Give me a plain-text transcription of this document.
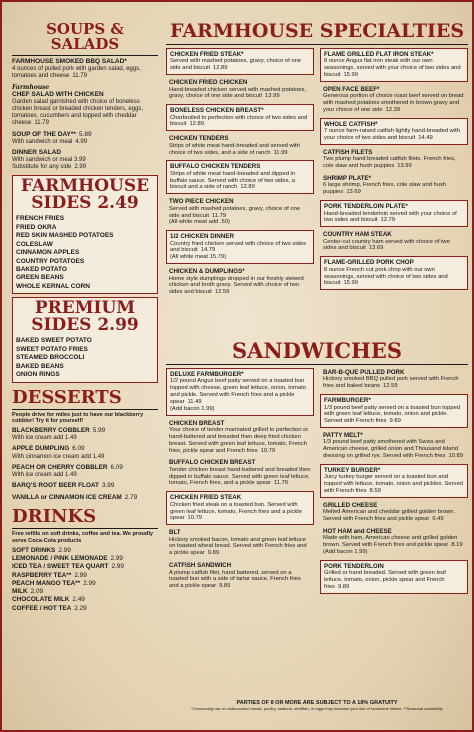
SOUPS & SALADS
FARMHOUSE SMOKED BBQ SALAD*
4 ounces of pulled pork with garden salad, eggs, tomatoes and cheese 11.79
Farmhouse
CHEF SALAD WITH CHICKEN
Garden salad garnished with choice of boneless chicken breast or breaded chicken tenders, eggs, tomatoes, cucumbers and topped with cheddar cheese 11.79
SOUP OF THE DAY** 5.89
With sandwich or meal 4.99
DINNER SALAD
With sandwich or meal 3.99
Substitute for any side 2.99
FARMHOUSE SIDES 2.49
FRENCH FRIES
FRIED OKRA
RED SKIN MASHED POTATOES
COLESLAW
CINNAMON APPLES
COUNTRY POTATOES
BAKED POTATO
GREEN BEANS
WHOLE KERNAL CORN
PREMIUM SIDES 2.99
BAKED SWEET POTATO
SWEET POTATO FRIES
STEAMED BROCCOLI
BAKED BEANS
ONION RINGS
DESSERTS
People drive for miles just to have our blackberry cobbler! Try it for yourself!
BLACKBERRY COBBLER 5.99
With ice cream add 1.49
APPLE DUMPLING 6.09
With cinnamon ice cream add 1.49
PEACH OR CHERRY COBBLER 6.09
With ice cream add 1.49
BARQ'S ROOT BEER FLOAT 3.99
VANILLA or CINNAMON ICE CREAM 2.79
DRINKS
Free refills on soft drinks, coffee and tea. We proudly serve Coca-Cola products
SOFT DRINKS 2.99
LEMONADE / PINK LEMONADE 2.99
ICED TEA / SWEET TEA QUART 2.99
RASPBERRY TEA** 2.99
PEACH MANGO TEA** 2.99
MILK 2.09
CHOCOLATE MILK 2.49
COFFEE / HOT TEA 2.29
FARMHOUSE SPECIALTIES
CHICKEN FRIED STEAK*
Served with mashed potatoes, gravy, choice of one side and biscuit 12.89
CHICKEN FRIED CHICKEN
Hand-breaded chicken served with mashed potatoes, gravy, choice of one side and biscuit 13.99
BONELESS CHICKEN BREAST*
Charbroiled to perfection with choice of two sides and biscuit 12.89
CHICKEN TENDERS
Strips of white meat hand-breaded and served with choice of two sides, and a side of ranch 11.99
BUFFALO CHICKEN TENDERS
Strips of white meat hand-breaded and dipped in buffalo sauce. Served with choice of two sides, a biscuit and a side of ranch 12.89
TWO PIECE CHICKEN
Served with mashed potatoes, gravy, choice of one side and biscuit 11.79
(All white meat add .50)
1/2 CHICKEN DINNER
Country fried chicken served with choice of two sides and biscuit 14.79
(All white meat 15.79)
CHICKEN & DUMPLINGS*
Home style dumplings dropped in our freshly stewed chicken and broth gravy. Served with choice of two sides and biscuit 12.59
FLAME GRILLED FLAT IRON STEAK*
8 ounce Angus flat iron steak with our own seasonings, served with your choice of two sides and biscuit 15.99
OPEN FACE BEEF*
Generous portion of choice roast beef served on bread with mashed potatoes smothered in brown gravy and your choice of one side 12.39
WHOLE CATFISH*
7 ounce farm-raised catfish lightly hand-breaded with your choice of two sides and biscuit 14.49
CATFISH FILETS
Two plump hand breaded catfish filets, French fries, cole slaw and hush puppies 13.99
SHRIMP PLATE*
6 large shrimp, French fries, cole slaw and hush puppies 13.69
PORK TENDERLOIN PLATE*
Hand-breaded tenderloin served with your choice of two sides and biscuit 12.79
COUNTRY HAM STEAK
Center-cut country ham served with choice of two sides and biscuit 13.69
FLAME-GRILLED PORK CHOP
8 ounce French cut pork chop with our own seasonings, served with choice of two sides and biscuit 15.99
SANDWICHES
DELUXE FARMBURGER*
1/2 pound Angus beef patty served on a toasted bun topped with cheese, green leaf lettuce, onion, tomato and pickle. Served with French fries and a pickle spear 11.49
(Add bacon 1.99)
CHICKEN BREAST
Your choice of tender marinated grilled to perfection or hand-battered and breaded then deep fried chicken breast. Served with green leaf lettuce, tomato, French fries, pickle spear and French fries 10.79
BUFFALO CHICKEN BREAST
Tender chicken breast hand-battered and breaded then dipped in buffalo sauce. Served with green leaf lettuce, tomato, French fries, and a pickle spear 11.79
CHICKEN FRIED STEAK
Chicken fried steak on a toasted bun. Served with green leaf lettuce, tomato, French fries and a pickle spear 10.79
BLT
Hickory smoked bacon, tomato and green leaf lettuce on toasted wheat bread. Served with French fries and a pickle spear 9.89
CATFISH SANDWICH
A plump catfish filet, hand battered, served on a toasted bun with a side of tartar sauce, French fries and a pickle spear 9.89
BAR-B-QUE PULLED PORK
Hickory smoked BBQ pulled pork served with French fries and baked beans 12.59
FARMBURGER*
1/3 pound beef patty served on a toasted bun topped with green leaf lettuce, tomato, onion and pickle. Served with French fries 9.89
PATTY MELT*
1/3 pound beef patty smothered with Swiss and American cheese, grilled onion and Thousand Island dressing on grilled rye. Served with French fries 10.89
TURKEY BURGER*
Juicy turkey burger served on a toasted bun and topped with lettuce, tomato, onion and pickles. Served with French fries 8.59
GRILLED CHEESE
Melted American and cheddar grilled golden brown. Served with French fries and pickle spear 6.49
HOT HAM and CHEESE
Made with ham, American cheese and grilled golden brown. Served with French fries and pickle spear 8.19
(Add bacon 1.99)
PORK TENDERLOIN
Grilled or hand breaded. Served with green leaf lettuce, tomato, onion, pickle spear and French fries 9.89
PARTIES OF 8 OR MORE ARE SUBJECT TO A 18% GRATUITY
*Consuming raw or undercooked meats, poultry, seafood, shellfish, or eggs may increase your risk of foodborne illness. **Seasonal availability
